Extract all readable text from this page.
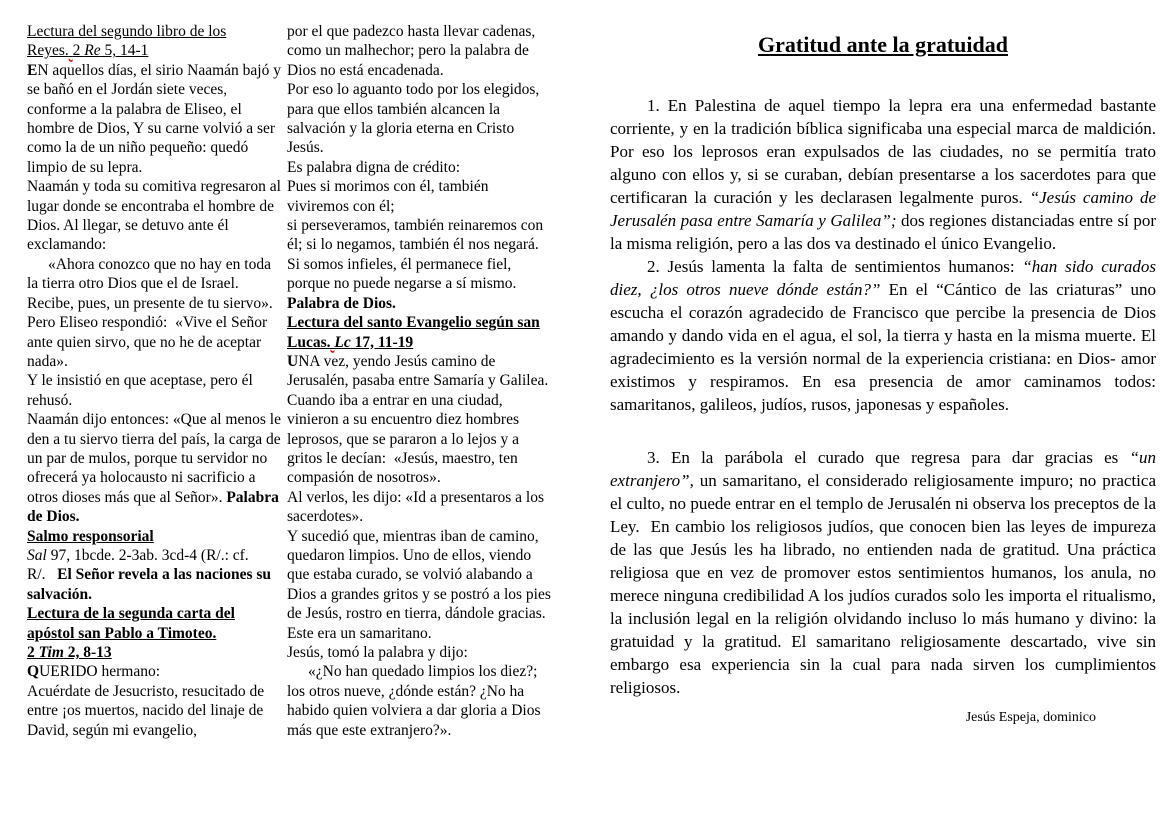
Lectura del segundo libro de los Reyes. 2 Re 5, 14-1

EN aquellos días, el sirio Naamán bajó y se bañó en el Jordán siete veces, conforme a la palabra de Eliseo, el hombre de Dios, Y su carne volvió a ser como la de un niño pequeño: quedó limpio de su lepra.

Naamán y toda su comitiva regresaron al lugar donde se encontraba el hombre de Dios. Al llegar, se detuvo ante él exclamando:

«Ahora conozco que no hay en toda la tierra otro Dios que el de Israel. Recibe, pues, un presente de tu siervo».

Pero Eliseo respondió:  «Vive el Señor ante quien sirvo, que no he de aceptar nada».

Y le insistió en que aceptase, pero él rehusó.

Naamán dijo entonces: «Que al menos le den a tu siervo tierra del país, la carga de un par de mulos, porque tu servidor no ofrecerá ya holocausto ni sacrificio a otros dioses más que al Señor». Palabra de Dios.

Salmo responsorial

Sal 97, 1bcde. 2-3ab. 3cd-4 (R/.: cf.

R/.   El Señor revela a las naciones su salvación.

Lectura de la segunda carta del apóstol san Pablo a Timoteo.

2 Tim 2, 8-13

QUERIDO hermano:

Acuérdate de Jesucristo, resucitado de entre ¡os muertos, nacido del linaje de David, según mi evangelio,

por el que padezco hasta llevar cadenas, como un malhechor; pero la palabra de Dios no está encadenada.

Por eso lo aguanto todo por los elegidos, para que ellos también alcancen la salvación y la gloria eterna en Cristo Jesús.

Es palabra digna de crédito:

Pues si morimos con él, también viviremos con él;

si perseveramos, también reinaremos con él; si lo negamos, también él nos negará.

Si somos infieles, él permanece fiel, porque no puede negarse a sí mismo.

Palabra de Dios.

Lectura del santo Evangelio según san Lucas. Lc 17, 11-19

UNA vez, yendo Jesús camino de Jerusalén, pasaba entre Samaría y Galilea. Cuando iba a entrar en una ciudad, vinieron a su encuentro diez hombres leprosos, que se pararon a lo lejos y a gritos le decían:  «Jesús, maestro, ten compasión de nosotros».

Al verlos, les dijo: «Id a presentaros a los sacerdotes».

Y sucedió que, mientras iban de camino, quedaron limpios. Uno de ellos, viendo que estaba curado, se volvió alabando a Dios a grandes gritos y se postró a los pies de Jesús, rostro en tierra, dándole gracias.

Este era un samaritano.

Jesús, tomó la palabra y dijo:

«¿No han quedado limpios los diez?; los otros nueve, ¿dónde están? ¿No ha habido quien volviera a dar gloria a Dios más que este extranjero?».

Gratitud ante la gratuidad

1. En Palestina de aquel tiempo la lepra era una enfermedad bastante corriente, y en la tradición bíblica significaba una especial marca de maldición. Por eso los leprosos eran expulsados de las ciudades, no se permitía trato alguno con ellos y, si se curaban, debían presentarse a los sacerdotes para que certificaran la curación y les declarasen legalmente puros. “Jesús camino de Jerusalén pasa entre Samaría y Galilea”; dos regiones distanciadas entre sí por la misma religión, pero a las dos va destinado el único Evangelio.

2. Jesús lamenta la falta de sentimientos humanos: “han sido curados diez, ¿los otros nueve dónde están?” En el “Cántico de las criaturas” uno escucha el corazón agradecido de Francisco que percibe la presencia de Dios amando y dando vida en el agua, el sol, la tierra y hasta en la misma muerte. El agradecimiento es la versión normal de la experiencia cristiana: en Dios- amor existimos y respiramos. En esa presencia de amor caminamos todos: samaritanos, galileos, judíos, rusos, japonesas y españoles.

3. En la parábola el curado que regresa para dar gracias es “un extranjero”, un samaritano, el considerado religiosamente impuro; no practica el culto, no puede entrar en el templo de Jerusalén ni observa los preceptos de la Ley.  En cambio los religiosos judíos, que conocen bien las leyes de impureza de las que Jesús les ha librado, no entienden nada de gratitud. Una práctica religiosa que en vez de promover estos sentimientos humanos, los anula, no merece ninguna credibilidad A los judíos curados solo les importa el ritualismo, la inclusión legal en la religión olvidando incluso lo más humano y divino: la gratuidad y la gratitud. El samaritano religiosamente descartado, vive sin embargo esa experiencia sin la cual para nada sirven los cumplimientos religiosos.

Jesús Espeja, dominico
